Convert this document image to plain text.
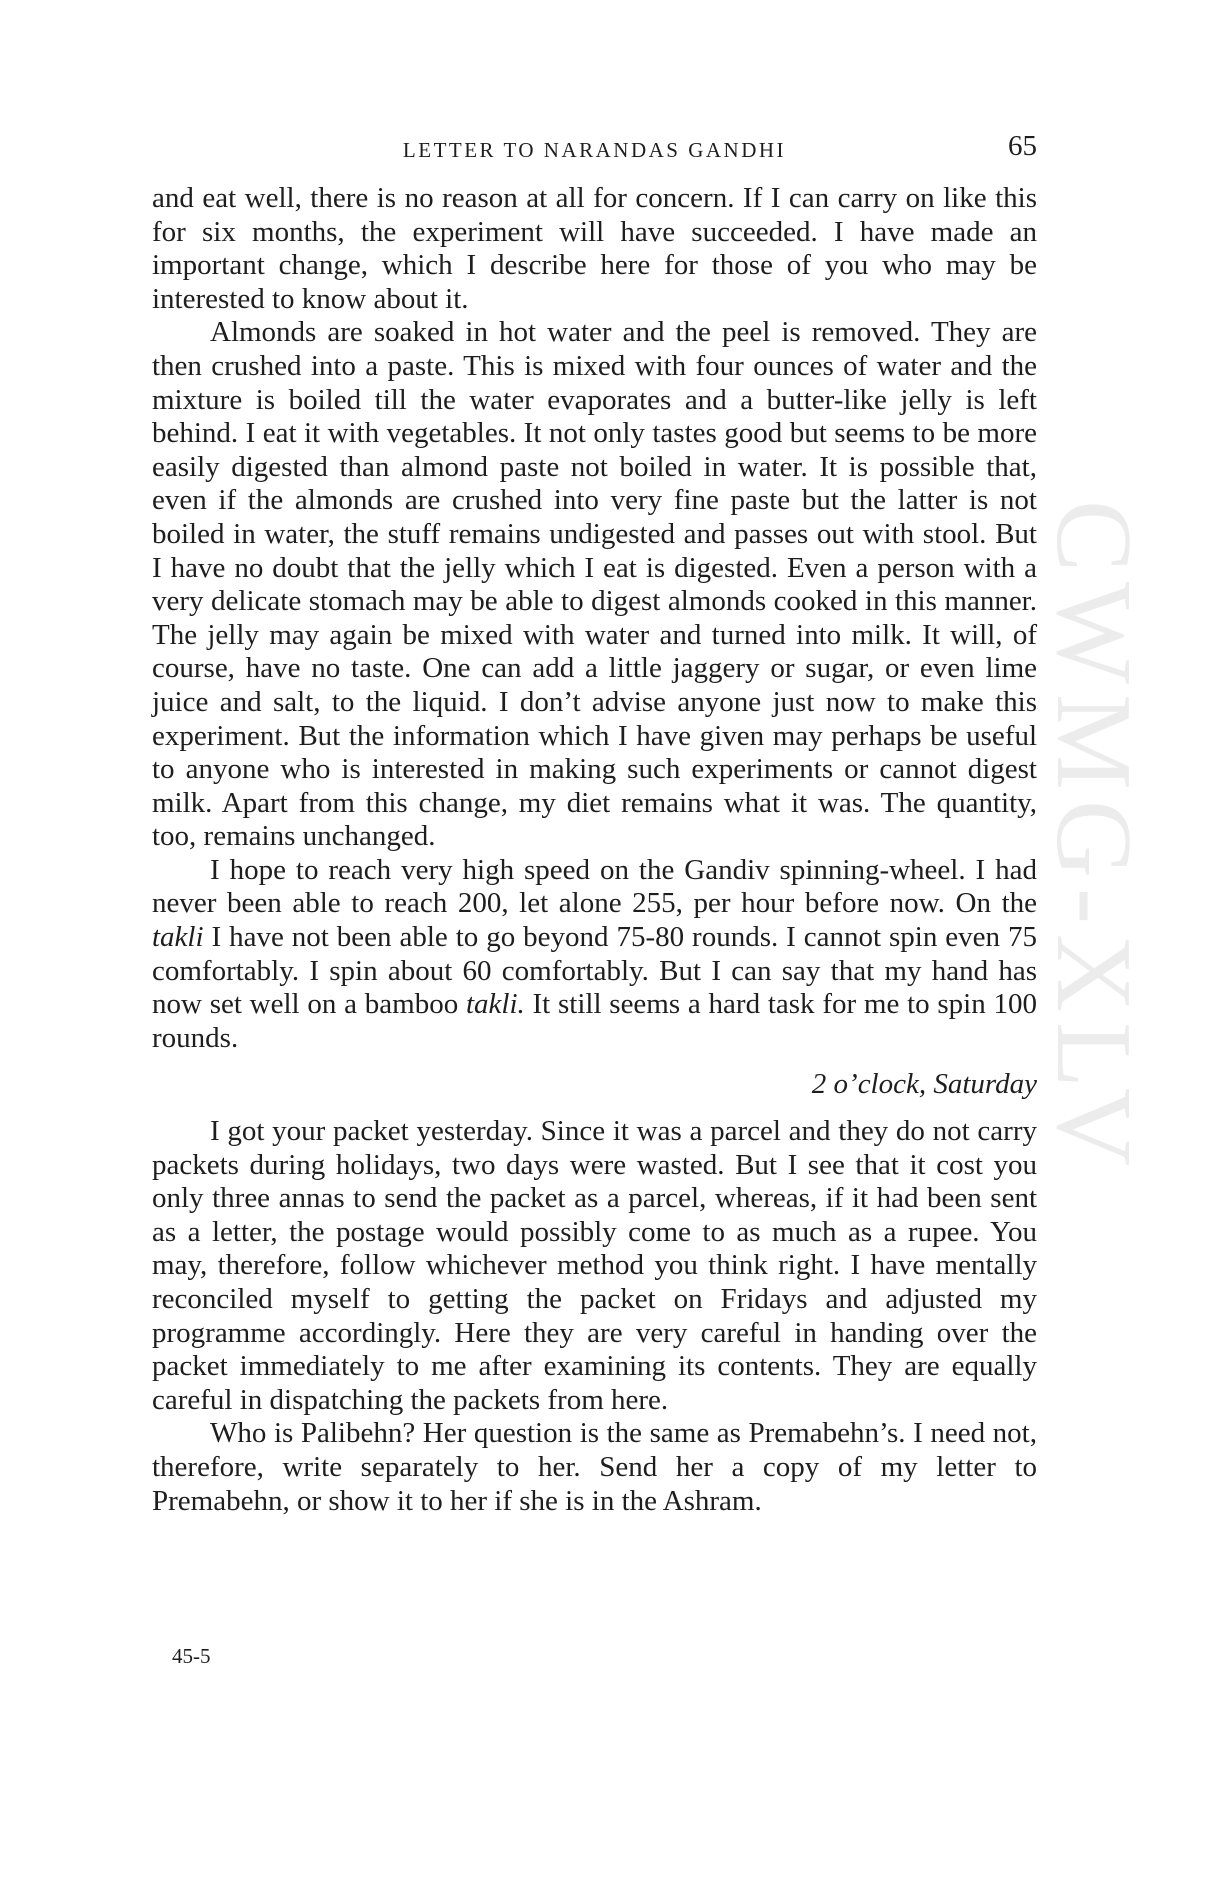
CWMG-XLV
LETTER TO NARANDAS GANDHI	65

and eat well, there is no reason at all for concern. If I can carry on like this for six months, the experiment will have succeeded. I have made an important change, which I describe here for those of you who may be interested to know about it.

Almonds are soaked in hot water and the peel is removed. They are then crushed into a paste. This is mixed with four ounces of water and the mixture is boiled till the water evaporates and a butter-like jelly is left behind. I eat it with vegetables. It not only tastes good but seems to be more easily digested than almond paste not boiled in water. It is possible that, even if the almonds are crushed into very fine paste but the latter is not boiled in water, the stuff remains undigested and passes out with stool. But I have no doubt that the jelly which I eat is digested. Even a person with a very delicate stomach may be able to digest almonds cooked in this manner. The jelly may again be mixed with water and turned into milk. It will, of course, have no taste. One can add a little jaggery or sugar, or even lime juice and salt, to the liquid. I don’t advise anyone just now to make this experiment. But the information which I have given may perhaps be useful to anyone who is interested in making such experiments or cannot digest milk. Apart from this change, my diet remains what it was. The quantity, too, remains unchanged.

I hope to reach very high speed on the Gandiv spinning-wheel. I had never been able to reach 200, let alone 255, per hour before now. On the takli I have not been able to go beyond 75-80 rounds. I cannot spin even 75 comfortably. I spin about 60 comfortably. But I can say that my hand has now set well on a bamboo takli. It still seems a hard task for me to spin 100 rounds.

2 o’clock, Saturday

I got your packet yesterday. Since it was a parcel and they do not carry packets during holidays, two days were wasted. But I see that it cost you only three annas to send the packet as a parcel, whereas, if it had been sent as a letter, the postage would possibly come to as much as a rupee. You may, therefore, follow whichever method you think right. I have mentally reconciled myself to getting the packet on Fridays and adjusted my programme accordingly. Here they are very careful in handing over the packet immediately to me after examining its contents. They are equally careful in dispatching the packets from here.

Who is Palibehn? Her question is the same as Premabehn’s. I need not, therefore, write separately to her. Send her a copy of my letter to Premabehn, or show it to her if she is in the Ashram.

45-5
